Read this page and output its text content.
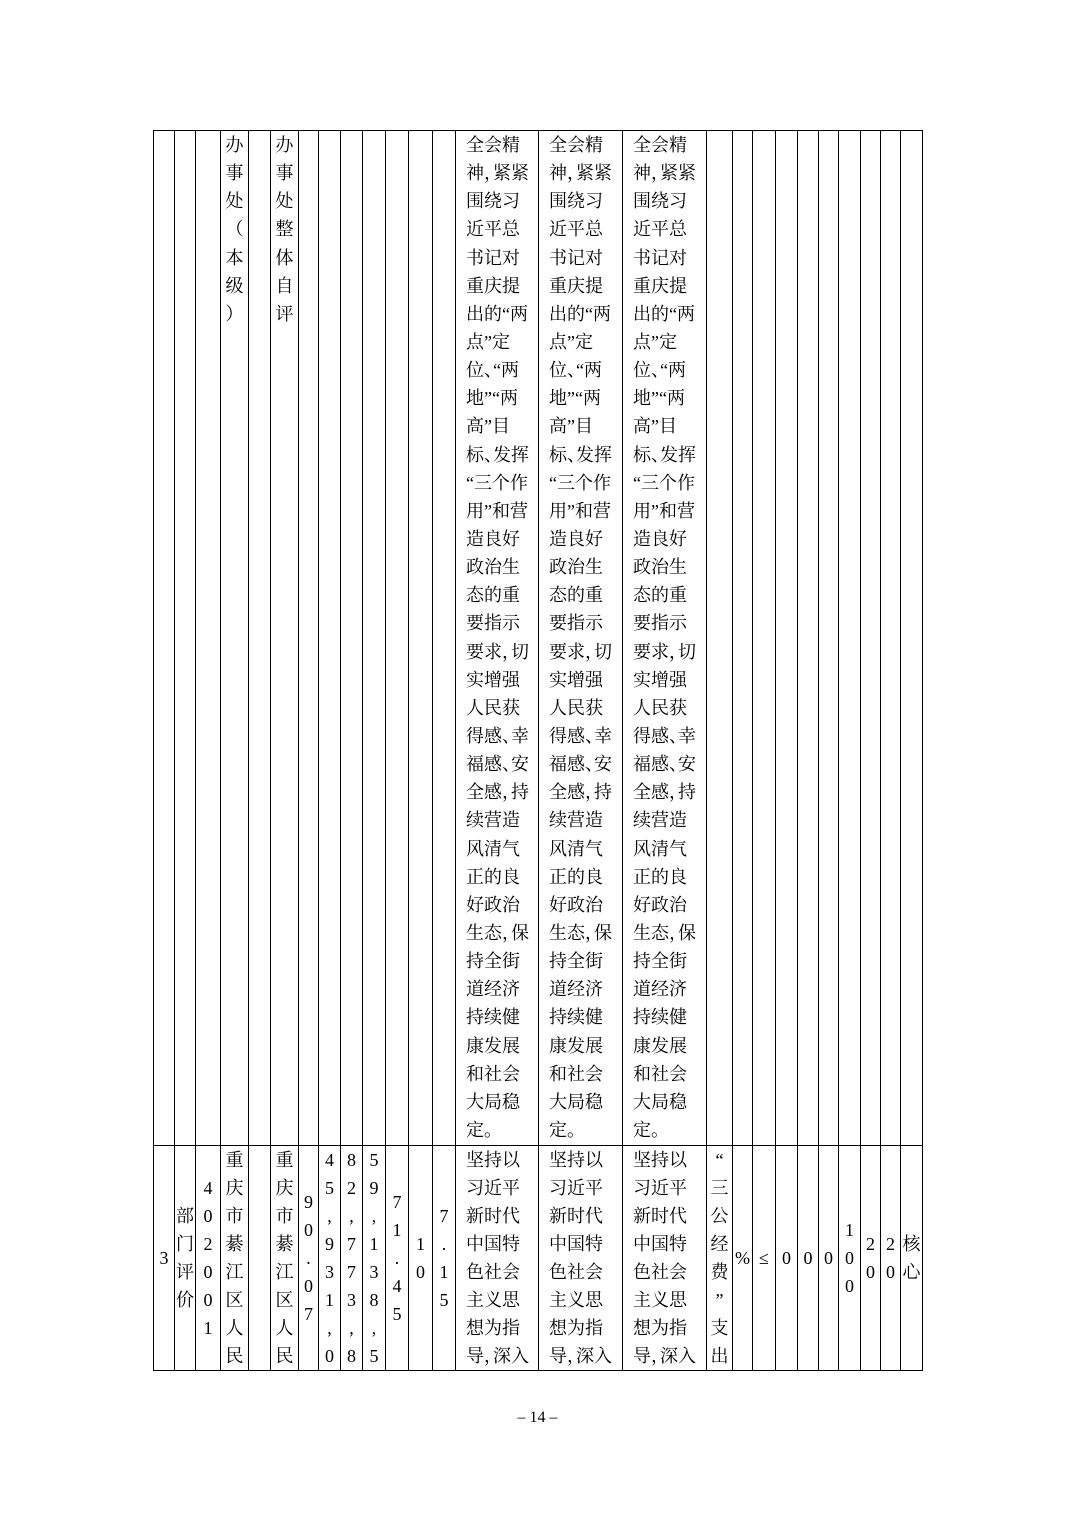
办
事
处
（
本
级
）
办
事
处
整
体
自
评
全会精
神，紧紧
围绕习
近平总
书记对
重庆提
出的“两
点”定
位、“两
地”“两
高”目
标、发挥
“三个作
用”和营
造良好
政治生
态的重
要指示
要求，切
实增强
人民获
得感、幸
福感、安
全感，持
续营造
风清气
正的良
好政治
生态，保
持全街
道经济
持续健
康发展
和社会
大局稳
定。
全会精
神，紧紧
围绕习
近平总
书记对
重庆提
出的“两
点”定
位、“两
地”“两
高”目
标、发挥
“三个作
用”和营
造良好
政治生
态的重
要指示
要求，切
实增强
人民获
得感、幸
福感、安
全感，持
续营造
风清气
正的良
好政治
生态，保
持全街
道经济
持续健
康发展
和社会
大局稳
定。
全会精
神，紧紧
围绕习
近平总
书记对
重庆提
出的“两
点”定
位、“两
地”“两
高”目
标、发挥
“三个作
用”和营
造良好
政治生
态的重
要指示
要求，切
实增强
人民获
得感、幸
福感、安
全感，持
续营造
风清气
正的良
好政治
生态，保
持全街
道经济
持续健
康发展
和社会
大局稳
定。
3
部
门
评
价
4
0
2
0
0
1
重
庆
市
綦
江
区
人
民
重
庆
市
綦
江
区
人
民
9
0
.
0
7
4
5
,
9
3
1
,
0
8
2
,
7
7
3
,
8
5
9
,
1
3
8
,
5
7
1
.
4
5
1
0
7
.
1
5
坚持以
习近平
新时代
中国特
色社会
主义思
想为指
导，深入
坚持以
习近平
新时代
中国特
色社会
主义思
想为指
导，深入
坚持以
习近平
新时代
中国特
色社会
主义思
想为指
导，深入
“
三
公
经
费
”
支
出
% ≤ 0 0 0
1
0
0
2
0
2
0
核
心
– 14 –
